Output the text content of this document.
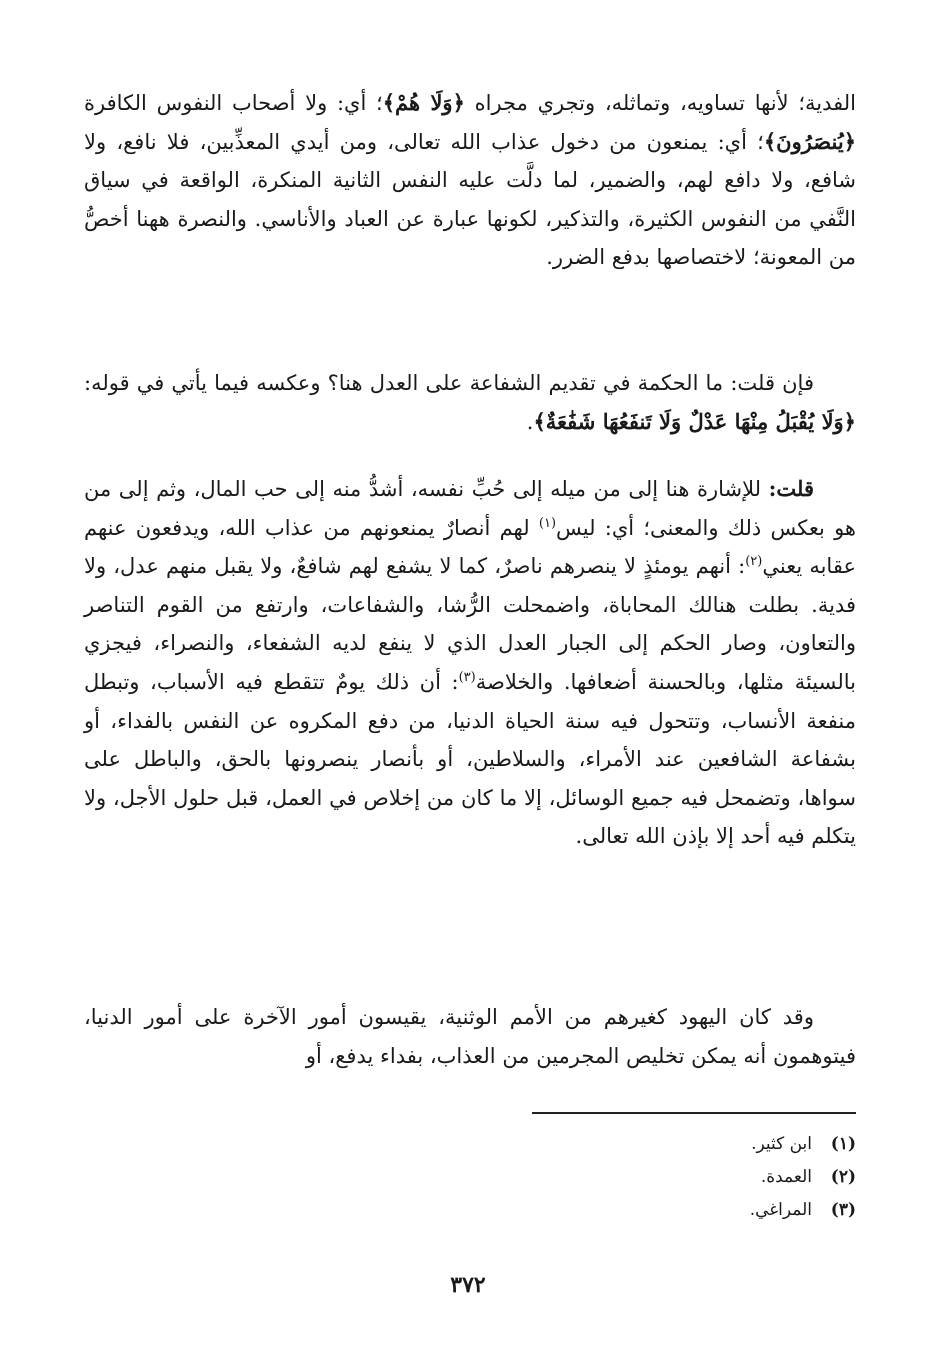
الفدية؛ لأنها تساويه، وتماثله، وتجري مجراه ﴿وَلَا هُمْ﴾؛ أي: ولا أصحاب النفوس الكافرة ﴿يُنصَرُونَ﴾؛ أي: يمنعون من دخول عذاب الله تعالى، ومن أيدي المعذِّبين، فلا نافع، ولا شافع، ولا دافع لهم، والضمير، لما دلَّت عليه النفس الثانية المنكرة، الواقعة في سياق النَّفي من النفوس الكثيرة، والتذكير، لكونها عبارة عن العباد والأناسي. والنصرة ههنا أخصُّ من المعونة؛ لاختصاصها بدفع الضرر.

فإن قلت: ما الحكمة في تقديم الشفاعة على العدل هنا؟ وعكسه فيما يأتي في قوله: ﴿وَلَا يُقْبَلُ مِنْهَا عَدْلٌ وَلَا تَنفَعُهَا شَفَٰعَةٌ﴾.

قلت: للإشارة هنا إلى من ميله إلى حُبِّ نفسه، أشدُّ منه إلى حب المال، وثم إلى من هو بعكس ذلك والمعنى؛ أي: ليس$^{(١)}$ لهم أنصارٌ يمنعونهم من عذاب الله، ويدفعون عنهم عقابه يعني$^{(٢)}$: أنهم يومئذٍ لا ينصرهم ناصرٌ، كما لا يشفع لهم شافعٌ، ولا يقبل منهم عدل، ولا فدية. بطلت هنالك المحاباة، واضمحلت الرُّشا، والشفاعات، وارتفع من القوم التناصر والتعاون، وصار الحكم إلى الجبار العدل الذي لا ينفع لديه الشفعاء، والنصراء، فيجزي بالسيئة مثلها، وبالحسنة أضعافها. والخلاصة$^{(٣)}$: أن ذلك يومٌ تتقطع فيه الأسباب، وتبطل منفعة الأنساب، وتتحول فيه سنة الحياة الدنيا، من دفع المكروه عن النفس بالفداء، أو بشفاعة الشافعين عند الأمراء، والسلاطين، أو بأنصار ينصرونها بالحق، والباطل على سواها، وتضمحل فيه جميع الوسائل، إلا ما كان من إخلاص في العمل، قبل حلول الأجل، ولا يتكلم فيه أحد إلا بإذن الله تعالى.

وقد كان اليهود كغيرهم من الأمم الوثنية، يقيسون أمور الآخرة على أمور الدنيا، فيتوهمون أنه يمكن تخليص المجرمين من العذاب، بفداء يدفع، أو

(١)
ابن كثير.
(٢)
العمدة.
(٣)
المراغي.
٣٧٢
